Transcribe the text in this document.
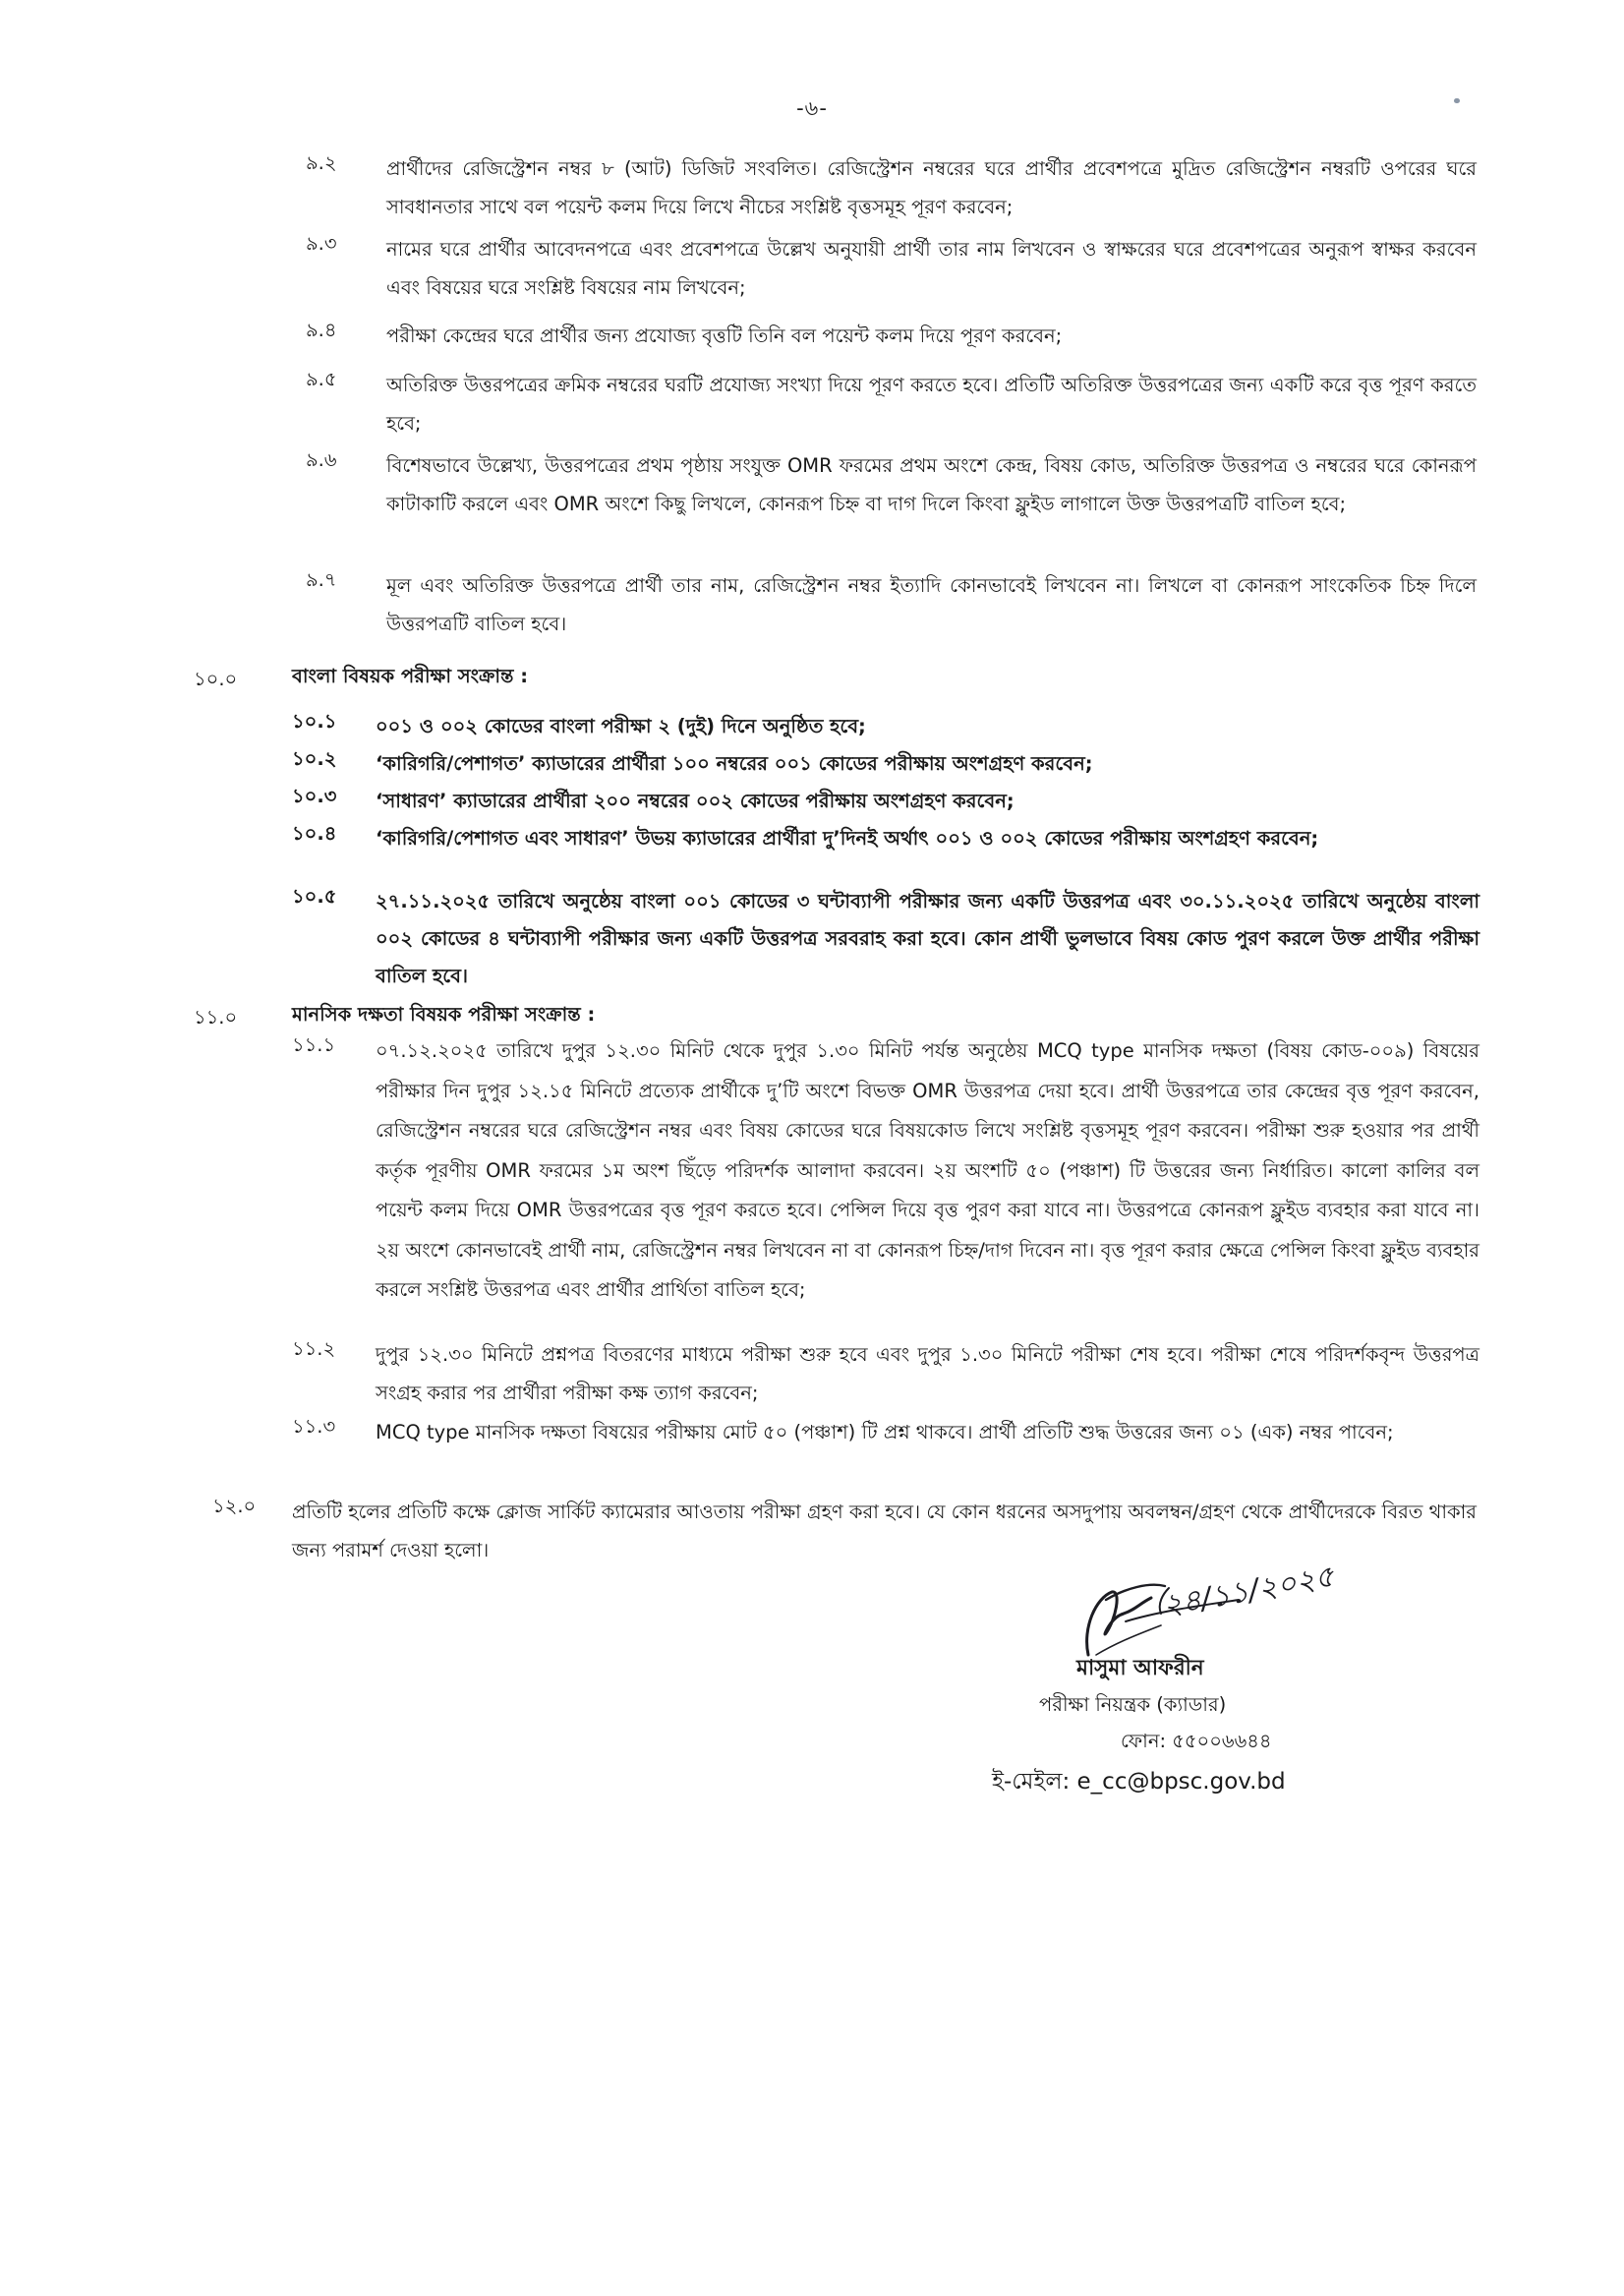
-৬-
৯.২	প্রার্থীদের রেজিস্ট্রেশন নম্বর ৮ (আট) ডিজিট সংবলিত। রেজিস্ট্রেশন নম্বরের ঘরে প্রার্থীর প্রবেশপত্রে মুদ্রিত রেজিস্ট্রেশন নম্বরটি ওপরের ঘরে সাবধানতার সাথে বল পয়েন্ট কলম দিয়ে লিখে নীচের সংশ্লিষ্ট বৃত্তসমূহ পূরণ করবেন;

৯.৩	নামের ঘরে প্রার্থীর আবেদনপত্রে এবং প্রবেশপত্রে উল্লেখ অনুযায়ী প্রার্থী তার নাম লিখবেন ও স্বাক্ষরের ঘরে প্রবেশপত্রের অনুরূপ স্বাক্ষর করবেন এবং বিষয়ের ঘরে সংশ্লিষ্ট বিষয়ের নাম লিখবেন;

৯.৪	পরীক্ষা কেন্দ্রের ঘরে প্রার্থীর জন্য প্রযোজ্য বৃত্তটি তিনি বল পয়েন্ট কলম দিয়ে পূরণ করবেন;

৯.৫	অতিরিক্ত উত্তরপত্রের ক্রমিক নম্বরের ঘরটি প্রযোজ্য সংখ্যা দিয়ে পূরণ করতে হবে। প্রতিটি অতিরিক্ত উত্তরপত্রের জন্য একটি করে বৃত্ত পূরণ করতে হবে;

৯.৬	বিশেষভাবে উল্লেখ্য, উত্তরপত্রের প্রথম পৃষ্ঠায় সংযুক্ত OMR ফরমের প্রথম অংশে কেন্দ্র, বিষয় কোড, অতিরিক্ত উত্তরপত্র ও নম্বরের ঘরে কোনরূপ কাটাকাটি করলে এবং OMR অংশে কিছু লিখলে, কোনরূপ চিহ্ন বা দাগ দিলে কিংবা ফ্লুইড লাগালে উক্ত উত্তরপত্রটি বাতিল হবে;

৯.৭	মূল এবং অতিরিক্ত উত্তরপত্রে প্রার্থী তার নাম, রেজিস্ট্রেশন নম্বর ইত্যাদি কোনভাবেই লিখবেন না। লিখলে বা কোনরূপ সাংকেতিক চিহ্ন দিলে উত্তরপত্রটি বাতিল হবে।

১০.০	বাংলা বিষয়ক পরীক্ষা সংক্রান্ত :
১০.১ ০০১ ও ০০২ কোডের বাংলা পরীক্ষা ২ (দুই) দিনে অনুষ্ঠিত হবে;

১০.২ ‘কারিগরি/পেশাগত’ ক্যাডারের প্রার্থীরা ১০০ নম্বরের ০০১ কোডের পরীক্ষায় অংশগ্রহণ করবেন;

১০.৩ ‘সাধারণ’ ক্যাডারের প্রার্থীরা ২০০ নম্বরের ০০২ কোডের পরীক্ষায় অংশগ্রহণ করবেন;

১০.৪ ‘কারিগরি/পেশাগত এবং সাধারণ’ উভয় ক্যাডারের প্রার্থীরা দু’দিনই অর্থাৎ ০০১ ও ০০২ কোডের পরীক্ষায় অংশগ্রহণ করবেন;

১০.৫ ২৭.১১.২০২৫ তারিখে অনুষ্ঠেয় বাংলা ০০১ কোডের ৩ ঘন্টাব্যাপী পরীক্ষার জন্য একটি উত্তরপত্র এবং ৩০.১১.২০২৫ তারিখে অনুষ্ঠেয় বাংলা ০০২ কোডের ৪ ঘন্টাব্যাপী পরীক্ষার জন্য একটি উত্তরপত্র সরবরাহ করা হবে। কোন প্রার্থী ভুলভাবে বিষয় কোড পুরণ করলে উক্ত প্রার্থীর পরীক্ষা বাতিল হবে।

১১.০	মানসিক দক্ষতা বিষয়ক পরীক্ষা সংক্রান্ত :
১১.১ ০৭.১২.২০২৫ তারিখে দুপুর ১২.৩০ মিনিট থেকে দুপুর ১.৩০ মিনিট পর্যন্ত অনুষ্ঠেয় MCQ type মানসিক দক্ষতা (বিষয় কোড-০০৯) বিষয়ের পরীক্ষার দিন দুপুর ১২.১৫ মিনিটে প্রত্যেক প্রার্থীকে দু’টি অংশে বিভক্ত OMR উত্তরপত্র দেয়া হবে। প্রার্থী উত্তরপত্রে তার কেন্দ্রের বৃত্ত পূরণ করবেন, রেজিস্ট্রেশন নম্বরের ঘরে রেজিস্ট্রেশন নম্বর এবং বিষয় কোডের ঘরে বিষয়কোড লিখে সংশ্লিষ্ট বৃত্তসমূহ পূরণ করবেন। পরীক্ষা শুরু হওয়ার পর প্রার্থী কর্তৃক পূরণীয় OMR ফরমের ১ম অংশ ছিঁড়ে পরিদর্শক আলাদা করবেন। ২য় অংশটি ৫০ (পঞ্চাশ) টি উত্তরের জন্য নির্ধারিত। কালো কালির বল পয়েন্ট কলম দিয়ে OMR উত্তরপত্রের বৃত্ত পূরণ করতে হবে। পেন্সিল দিয়ে বৃত্ত পুরণ করা যাবে না। উত্তরপত্রে কোনরূপ ফ্লুইড ব্যবহার করা যাবে না। ২য় অংশে কোনভাবেই প্রার্থী নাম, রেজিস্ট্রেশন নম্বর লিখবেন না বা কোনরূপ চিহ্ন/দাগ দিবেন না। বৃত্ত পূরণ করার ক্ষেত্রে পেন্সিল কিংবা ফ্লুইড ব্যবহার করলে সংশ্লিষ্ট উত্তরপত্র এবং প্রার্থীর প্রার্থিতা বাতিল হবে;

১১.২ দুপুর ১২.৩০ মিনিটে প্রশ্নপত্র বিতরণের মাধ্যমে পরীক্ষা শুরু হবে এবং দুপুর ১.৩০ মিনিটে পরীক্ষা শেষ হবে। পরীক্ষা শেষে পরিদর্শকবৃন্দ উত্তরপত্র সংগ্রহ করার পর প্রার্থীরা পরীক্ষা কক্ষ ত্যাগ করবেন;

১১.৩ MCQ type মানসিক দক্ষতা বিষয়ের পরীক্ষায় মোট ৫০ (পঞ্চাশ) টি প্রশ্ন থাকবে। প্রার্থী প্রতিটি শুদ্ধ উত্তরের জন্য ০১ (এক) নম্বর পাবেন;

১২.০ প্রতিটি হলের প্রতিটি কক্ষে ক্লোজ সার্কিট ক্যামেরার আওতায় পরীক্ষা গ্রহণ করা হবে। যে কোন ধরনের অসদুপায় অবলম্বন/গ্রহণ থেকে প্রার্থীদেরকে বিরত থাকার জন্য পরামর্শ দেওয়া হলো।

২৪/১১/২০২৫
মাসুমা আফরীন
পরীক্ষা নিয়ন্ত্রক (ক্যাডার)
ফোন: ৫৫০০৬৬৪৪
ই-মেইল: e_cc@bpsc.gov.bd
